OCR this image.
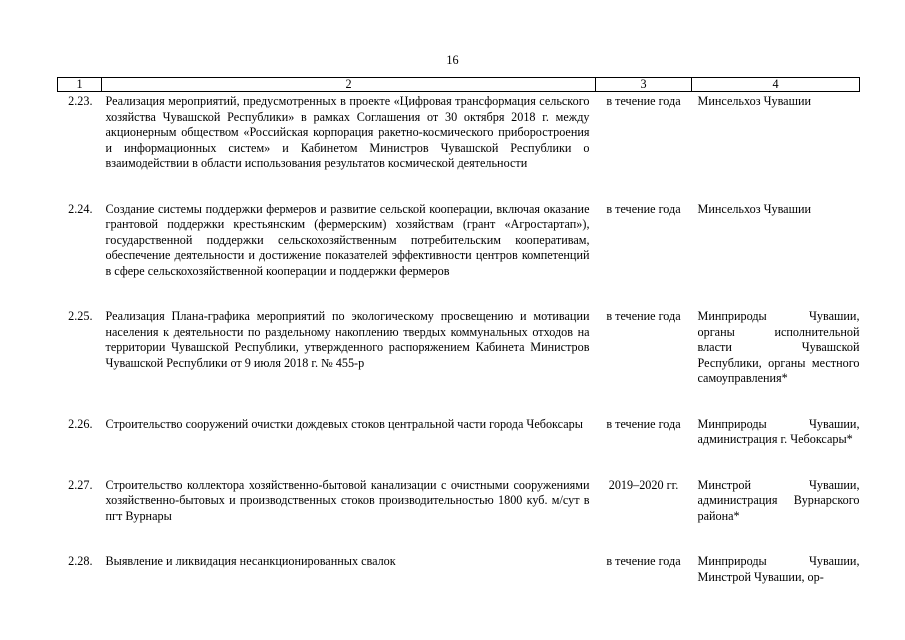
16
1	2	3	4
2.23.	Реализация мероприятий, предусмотренных в проекте «Цифровая трансформация сельского хозяйства Чувашской Республики» в рамках Соглашения от 30 октября 2018 г. между акционерным обществом «Российская корпорация ракетно-космического приборостроения и информационных систем» и Кабинетом Министров Чувашской Республики о взаимодействии в области использования результатов космической деятельности	в течение года	Минсельхоз Чувашии
2.24.	Создание системы поддержки фермеров и развитие сельской кооперации, включая оказание грантовой поддержки крестьянским (фермерским) хозяйствам (грант «Агростартап»), государственной поддержки сельскохозяйственным потребительским кооперативам, обеспечение деятельности и достижение показателей эффективности центров компетенций в сфере сельскохозяйственной кооперации и поддержки фермеров	в течение года	Минсельхоз Чувашии
2.25.	Реализация Плана-графика мероприятий по экологическому просвещению и мотивации населения к деятельности по раздельному накоплению твердых коммунальных отходов на территории Чувашской Республики, утвержденного распоряжением Кабинета Министров Чувашской Республики от 9 июля 2018 г. № 455-р	в течение года	Минприроды Чувашии, органы исполнительной власти Чувашской Республики, органы местного самоуправления*
2.26.	Строительство сооружений очистки дождевых стоков центральной части города Чебоксары	в течение года	Минприроды Чувашии, администрация г. Чебоксары*
2.27.	Строительство коллектора хозяйственно-бытовой канализации с очистными сооружениями хозяйственно-бытовых и производственных стоков производительностью 1800 куб. м/сут в пгт Вурнары	2019–2020 гг.	Минстрой Чувашии, администрация Вурнарского района*
2.28.	Выявление и ликвидация несанкционированных свалок	в течение года	Минприроды Чувашии, Минстрой Чувашии, ор-
